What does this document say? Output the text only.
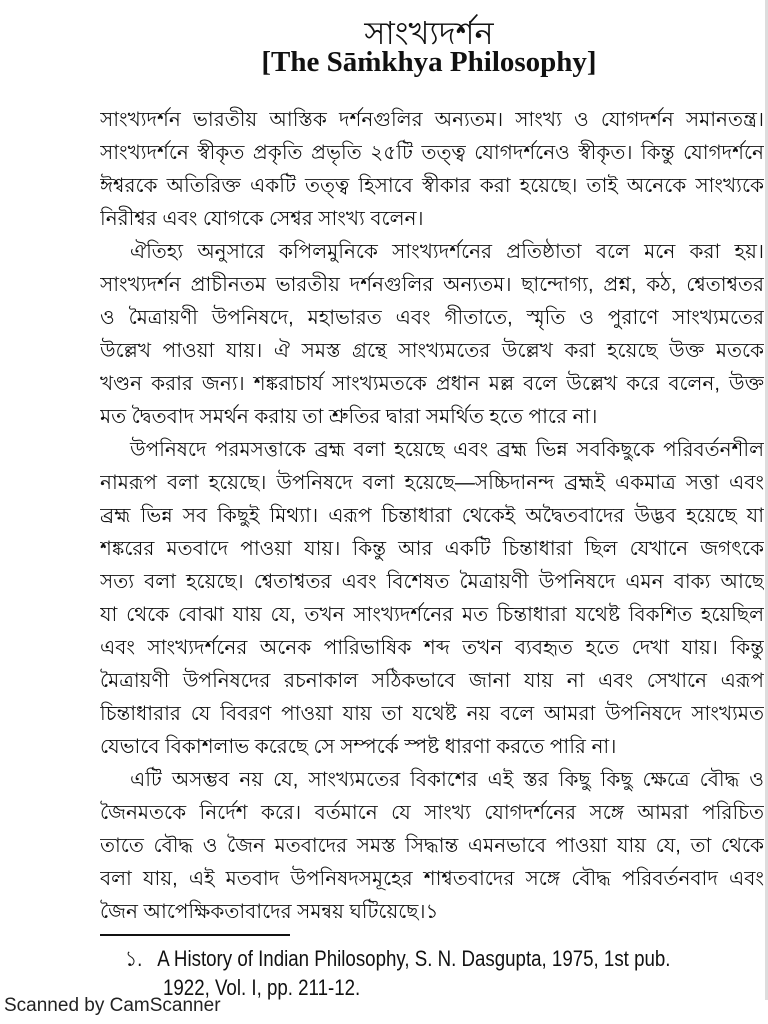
সাংখ্যদর্শন
[The Sāṁkhya Philosophy]
সাংখ্যদর্শন ভারতীয় আস্তিক দর্শনগুলির অন্যতম। সাংখ্য ও যোগদর্শন সমানতন্ত্র।
সাংখ্যদর্শনে স্বীকৃত প্রকৃতি প্রভৃতি ২৫টি তত্ত্ব যোগদর্শনেও স্বীকৃত। কিন্তু যোগদর্শনে
ঈশ্বরকে অতিরিক্ত একটি তত্ত্ব হিসাবে স্বীকার করা হয়েছে। তাই অনেকে সাংখ্যকে
নিরীশ্বর এবং যোগকে সেশ্বর সাংখ্য বলেন।
ঐতিহ্য অনুসারে কপিলমুনিকে সাংখ্যদর্শনের প্রতিষ্ঠাতা বলে মনে করা হয়।
সাংখ্যদর্শন প্রাচীনতম ভারতীয় দর্শনগুলির অন্যতম। ছান্দোগ্য, প্রশ্ন, কঠ, শ্বেতাশ্বতর
ও মৈত্রায়ণী উপনিষদে, মহাভারত এবং গীতাতে, স্মৃতি ও পুরাণে সাংখ্যমতের
উল্লেখ পাওয়া যায়। ঐ সমস্ত গ্রন্থে সাংখ্যমতের উল্লেখ করা হয়েছে উক্ত মতকে
খণ্ডন করার জন্য। শঙ্করাচার্য সাংখ্যমতকে প্রধান মল্ল বলে উল্লেখ করে বলেন, উক্ত
মত দ্বৈতবাদ সমর্থন করায় তা শ্রুতির দ্বারা সমর্থিত হতে পারে না।
উপনিষদে পরমসত্তাকে ব্রহ্ম বলা হয়েছে এবং ব্রহ্ম ভিন্ন সবকিছুকে পরিবর্তনশীল
নামরূপ বলা হয়েছে। উপনিষদে বলা হয়েছে—সচ্চিদানন্দ ব্রহ্মই একমাত্র সত্তা এবং
ব্রহ্ম ভিন্ন সব কিছুই মিথ্যা। এরূপ চিন্তাধারা থেকেই অদ্বৈতবাদের উদ্ভব হয়েছে যা
শঙ্করের মতবাদে পাওয়া যায়। কিন্তু আর একটি চিন্তাধারা ছিল যেখানে জগৎকে
সত্য বলা হয়েছে। শ্বেতাশ্বতর এবং বিশেষত মৈত্রায়ণী উপনিষদে এমন বাক্য আছে
যা থেকে বোঝা যায় যে, তখন সাংখ্যদর্শনের মত চিন্তাধারা যথেষ্ট বিকশিত হয়েছিল
এবং সাংখ্যদর্শনের অনেক পারিভাষিক শব্দ তখন ব্যবহৃত হতে দেখা যায়। কিন্তু
মৈত্রায়ণী উপনিষদের রচনাকাল সঠিকভাবে জানা যায় না এবং সেখানে এরূপ
চিন্তাধারার যে বিবরণ পাওয়া যায় তা যথেষ্ট নয় বলে আমরা উপনিষদে সাংখ্যমত
যেভাবে বিকাশলাভ করেছে সে সম্পর্কে স্পষ্ট ধারণা করতে পারি না।
এটি অসম্ভব নয় যে, সাংখ্যমতের বিকাশের এই স্তর কিছু কিছু ক্ষেত্রে বৌদ্ধ ও
জৈনমতকে নির্দেশ করে। বর্তমানে যে সাংখ্য যোগদর্শনের সঙ্গে আমরা পরিচিত
তাতে বৌদ্ধ ও জৈন মতবাদের সমস্ত সিদ্ধান্ত এমনভাবে পাওয়া যায় যে, তা থেকে
বলা যায়, এই মতবাদ উপনিষদসমূহের শাশ্বতবাদের সঙ্গে বৌদ্ধ পরিবর্তনবাদ এবং
জৈন আপেক্ষিকতাবাদের সমন্বয় ঘটিয়েছে।১
১. A History of Indian Philosophy, S. N. Dasgupta, 1975, 1st pub.
1922, Vol. I, pp. 211-12.
Scanned by CamScanner
